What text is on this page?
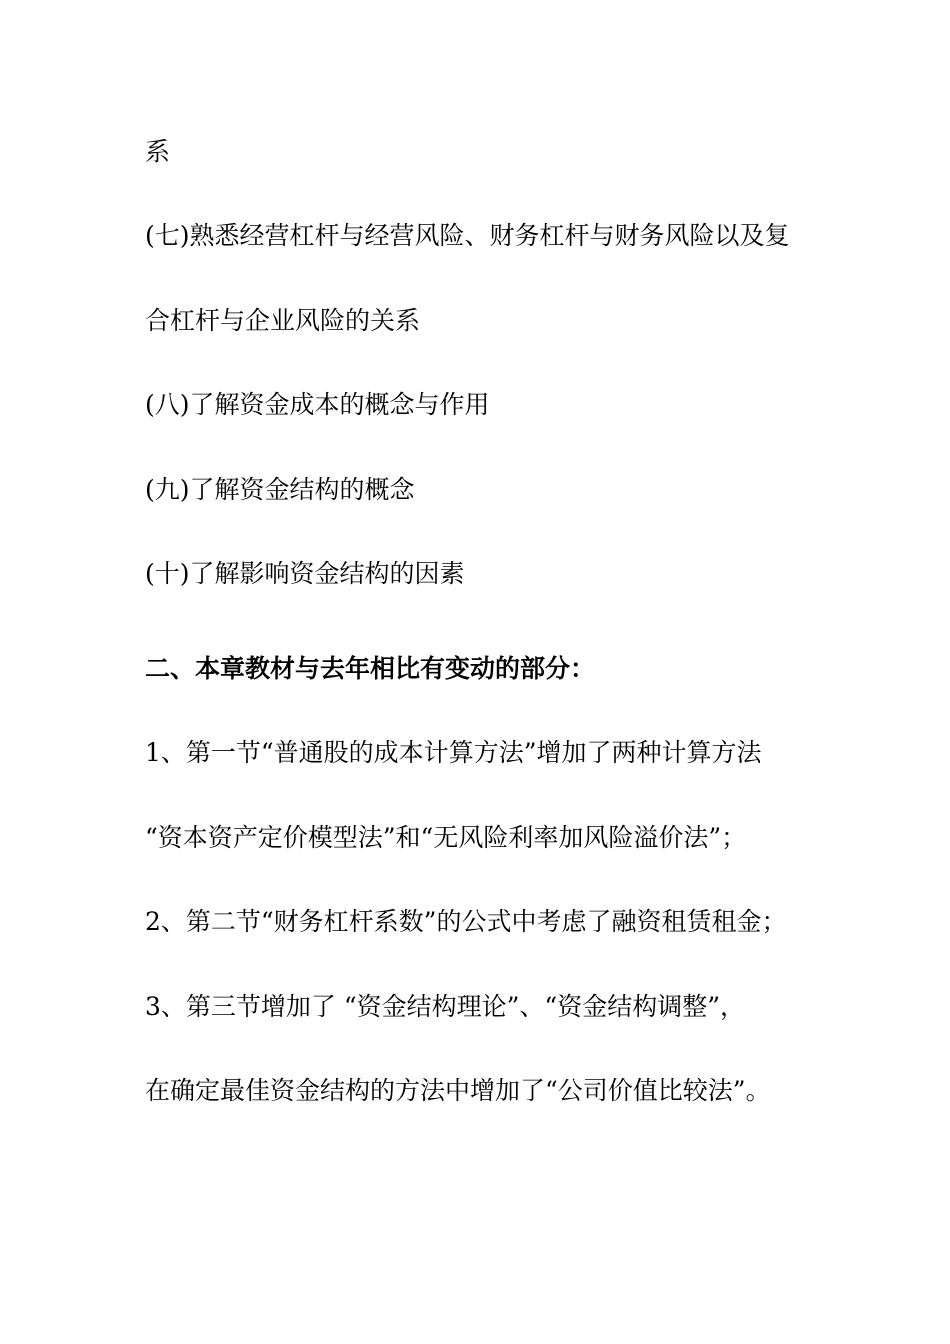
系
(七)熟悉经营杠杆与经营风险、财务杠杆与财务风险以及复
合杠杆与企业风险的关系
(八)了解资金成本的概念与作用
(九)了解资金结构的概念
(十)了解影响资金结构的因素
二、本章教材与去年相比有变动的部分：
1、第一节“普通股的成本计算方法”增加了两种计算方法
“资本资产定价模型法”和“无风险利率加风险溢价法”；
2、第二节“财务杠杆系数”的公式中考虑了融资租赁租金；
3、第三节增加了 “资金结构理论”、“资金结构调整”，
在确定最佳资金结构的方法中增加了“公司价值比较法”。
